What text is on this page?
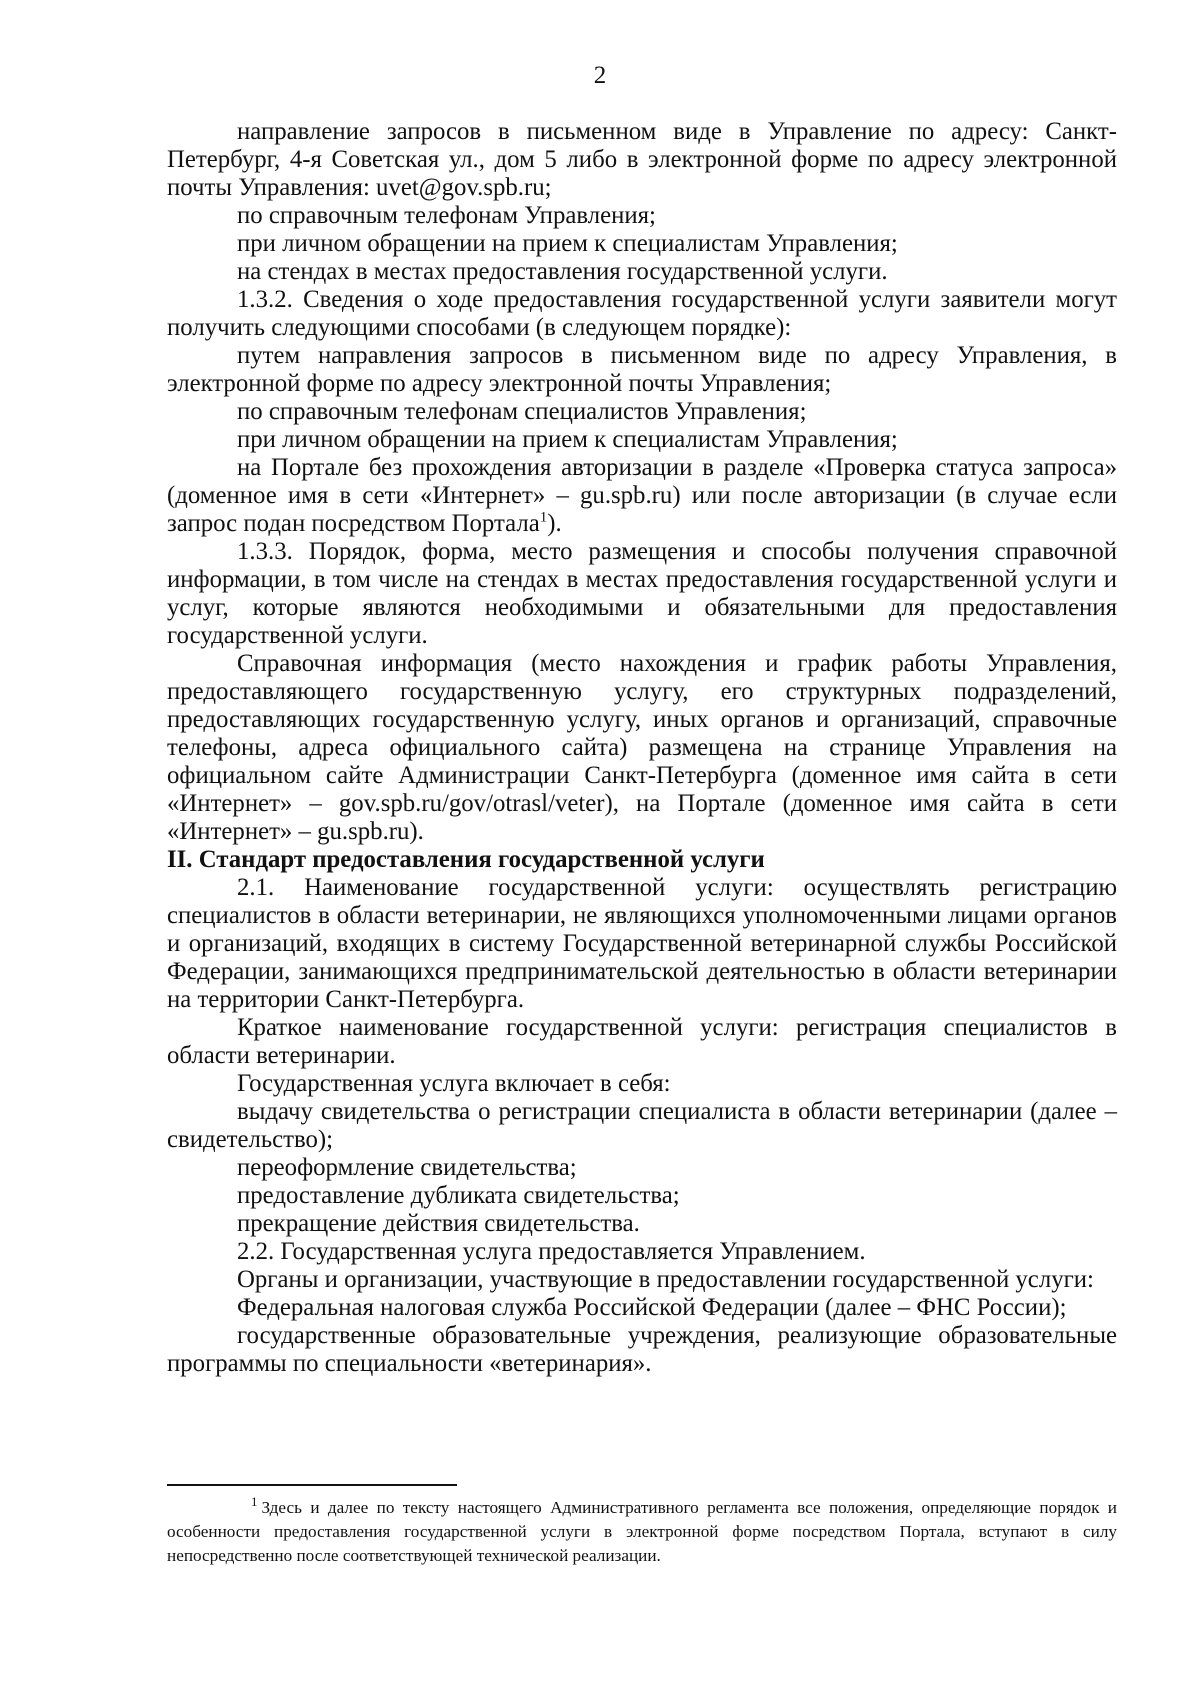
2

направление запросов в письменном виде в Управление по адресу: Санкт-Петербург, 4-я Советская ул., дом 5 либо в электронной форме по адресу электронной почты Управления: uvet@gov.spb.ru;

по справочным телефонам Управления;

при личном обращении на прием к специалистам Управления;

на стендах в местах предоставления государственной услуги.

1.3.2. Сведения о ходе предоставления государственной услуги заявители могут получить следующими способами (в следующем порядке):

путем направления запросов в письменном виде по адресу Управления, в электронной форме по адресу электронной почты Управления;

по справочным телефонам специалистов Управления;

при личном обращении на прием к специалистам Управления;

на Портале без прохождения авторизации в разделе «Проверка статуса запроса» (доменное имя в сети «Интернет» – gu.spb.ru) или после авторизации (в случае если запрос подан посредством Портала$^1$).

1.3.3. Порядок, форма, место размещения и способы получения справочной информации, в том числе на стендах в местах предоставления государственной услуги и услуг, которые являются необходимыми и обязательными для предоставления государственной услуги.

Справочная информация (место нахождения и график работы Управления, предоставляющего государственную услугу, его структурных подразделений, предоставляющих государственную услугу, иных органов и организаций, справочные телефоны, адреса официального сайта) размещена на странице Управления на официальном сайте Администрации Санкт-Петербурга (доменное имя сайта в сети «Интернет» – gov.spb.ru/gov/otrasl/veter), на Портале (доменное имя сайта в сети «Интернет» – gu.spb.ru).

II. Стандарт предоставления государственной услуги

2.1. Наименование государственной услуги: осуществлять регистрацию специалистов в области ветеринарии, не являющихся уполномоченными лицами органов и организаций, входящих в систему Государственной ветеринарной службы Российской Федерации, занимающихся предпринимательской деятельностью в области ветеринарии на территории Санкт-Петербурга.

Краткое наименование государственной услуги: регистрация специалистов в области ветеринарии.

Государственная услуга включает в себя:

выдачу свидетельства о регистрации специалиста в области ветеринарии (далее – свидетельство);

переоформление свидетельства;

предоставление дубликата свидетельства;

прекращение действия свидетельства.

2.2. Государственная услуга предоставляется Управлением.

Органы и организации, участвующие в предоставлении государственной услуги:

Федеральная налоговая служба Российской Федерации (далее – ФНС России);

государственные образовательные учреждения, реализующие образовательные программы по специальности «ветеринария».

$^1$ Здесь и далее по тексту настоящего Административного регламента все положения, определяющие порядок и особенности предоставления государственной услуги в электронной форме посредством Портала, вступают в силу непосредственно после соответствующей технической реализации.
